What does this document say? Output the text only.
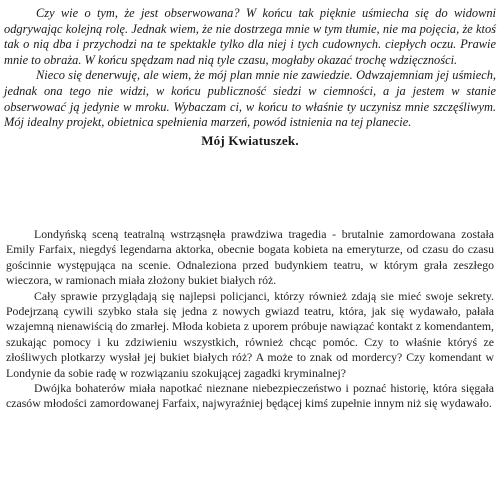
Czy wie o tym, że jest obserwowana? W końcu tak pięknie uśmiecha się do widowni odgrywając kolejną rolę. Jednak wiem, że nie dostrzega mnie w tym tłumie, nie ma pojęcia, że ktoś tak o nią dba i przychodzi na te spektakle tylko dla niej i tych cudownych. ciepłych oczu. Prawie mnie to obraża. W końcu spędzam nad nią tyle czasu, mogłaby okazać trochę wdzięczności.

Nieco się denerwuję, ale wiem, że mój plan mnie nie zawiedzie. Odwzajemniam jej uśmiech, jednak ona tego nie widzi, w końcu publiczność siedzi w ciemności, a ja jestem w stanie obserwować ją jedynie w mroku. Wybaczam ci, w końcu to właśnie ty uczynisz mnie szczęśliwym. Mój idealny projekt, obietnica spełnienia marzeń, powód istnienia na tej planecie.

Mój Kwiatuszek.

Londyńską sceną teatralną wstrząsnęła prawdziwa tragedia - brutalnie zamordowana została Emily Farfaix, niegdyś legendarna aktorka, obecnie bogata kobieta na emeryturze, od czasu do czasu gościnnie występująca na scenie. Odnaleziona przed budynkiem teatru, w którym grała zeszłego wieczora, w ramionach miała złożony bukiet białych róż.

Cały sprawie przyglądają się najlepsi policjanci, którzy również zdają sie mieć swoje sekrety. Podejrzaną cywili szybko stała się jedna z nowych gwiazd teatru, która, jak się wydawało, pałała wzajemną nienawiścią do zmarłej. Młoda kobieta z uporem próbuje nawiązać kontakt z komendantem, szukając pomocy i ku zdziwieniu wszystkich, również chcąc pomóc. Czy to właśnie któryś ze złośliwych plotkarzy wysłał jej bukiet białych róż? A może to znak od mordercy? Czy komendant w Londynie da sobie radę w rozwiązaniu szokującej zagadki kryminalnej?

Dwójka bohaterów miała napotkać nieznane niebezpieczeństwo i poznać historię, która sięgała czasów młodości zamordowanej Farfaix, najwyraźniej będącej kimś zupełnie innym niż się wydawało.
